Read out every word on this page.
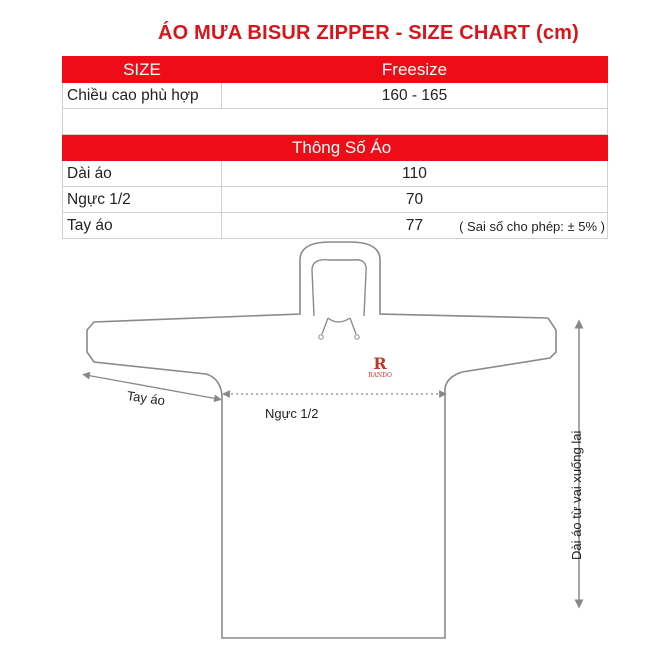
ÁO MƯA BISUR ZIPPER - SIZE CHART (cm)
SIZE	Freesize
Chiều cao phù hợp	160 - 165

	Thông Số Áo
Dài áo	110
Ngực 1/2	70
Tay áo	77	( Sai số cho phép: ± 5% )
Tay áo
Ngực 1/2
Dài áo từ vai xuống lai
R
RANDO
